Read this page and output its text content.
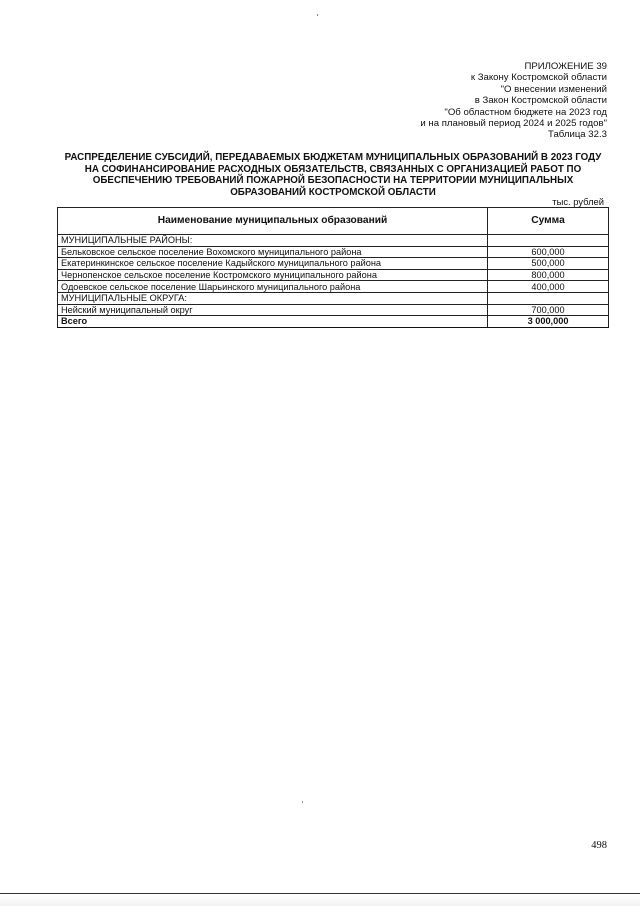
ПРИЛОЖЕНИЕ 39
к Закону Костромской области
"О внесении изменений
в Закон Костромской области
"Об областном бюджете на 2023 год
и на плановый период 2024 и 2025 годов"
Таблица 32.3
РАСПРЕДЕЛЕНИЕ СУБСИДИЙ, ПЕРЕДАВАЕМЫХ БЮДЖЕТАМ МУНИЦИПАЛЬНЫХ ОБРАЗОВАНИЙ В 2023 ГОДУ
НА СОФИНАНСИРОВАНИЕ РАСХОДНЫХ ОБЯЗАТЕЛЬСТВ, СВЯЗАННЫХ С ОРГАНИЗАЦИЕЙ РАБОТ ПО
ОБЕСПЕЧЕНИЮ ТРЕБОВАНИЙ ПОЖАРНОЙ БЕЗОПАСНОСТИ НА ТЕРРИТОРИИ МУНИЦИПАЛЬНЫХ
ОБРАЗОВАНИЙ КОСТРОМСКОЙ ОБЛАСТИ
тыс. рублей
Наименование муниципальных образований	Сумма
МУНИЦИПАЛЬНЫЕ РАЙОНЫ:	
Бельковское сельское поселение Вохомского муниципального района	600,000
Екатеринкинское сельское поселение Кадыйского муниципального района	500,000
Чернопенское сельское поселение Костромского муниципального района	800,000
Одоевское сельское поселение Шарьинского муниципального района	400,000
МУНИЦИПАЛЬНЫЕ ОКРУГА:	
Нейский муниципальный округ	700,000
Всего	3 000,000
498
